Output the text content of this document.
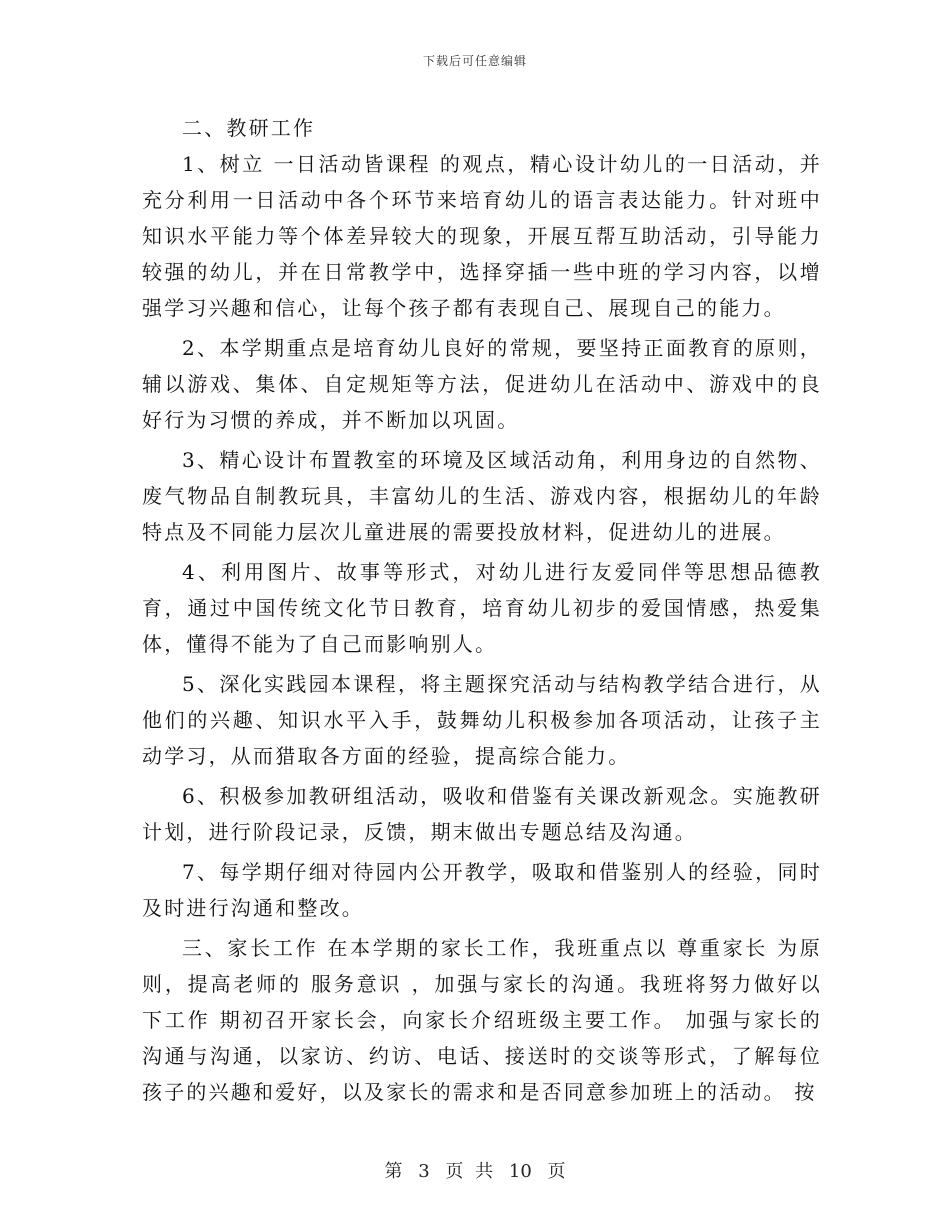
下载后可任意编辑

二、教研工作

1、树立 一日活动皆课程 的观点，精心设计幼儿的一日活动，并充分利用一日活动中各个环节来培育幼儿的语言表达能力。针对班中知识水平能力等个体差异较大的现象，开展互帮互助活动，引导能力较强的幼儿，并在日常教学中，选择穿插一些中班的学习内容，以增强学习兴趣和信心，让每个孩子都有表现自己、展现自己的能力。

2、本学期重点是培育幼儿良好的常规，要坚持正面教育的原则，辅以游戏、集体、自定规矩等方法，促进幼儿在活动中、游戏中的良好行为习惯的养成，并不断加以巩固。

3、精心设计布置教室的环境及区域活动角，利用身边的自然物、废气物品自制教玩具，丰富幼儿的生活、游戏内容，根据幼儿的年龄特点及不同能力层次儿童进展的需要投放材料，促进幼儿的进展。

4、利用图片、故事等形式，对幼儿进行友爱同伴等思想品德教育，通过中国传统文化节日教育，培育幼儿初步的爱国情感，热爱集体，懂得不能为了自己而影响别人。

5、深化实践园本课程，将主题探究活动与结构教学结合进行，从他们的兴趣、知识水平入手，鼓舞幼儿积极参加各项活动，让孩子主动学习，从而猎取各方面的经验，提高综合能力。

6、积极参加教研组活动，吸收和借鉴有关课改新观念。实施教研计划，进行阶段记录，反馈，期末做出专题总结及沟通。

7、每学期仔细对待园内公开教学，吸取和借鉴别人的经验，同时及时进行沟通和整改。

三、家长工作 在本学期的家长工作，我班重点以 尊重家长 为原则，提高老师的 服务意识 ，加强与家长的沟通。我班将努力做好以下工作 期初召开家长会，向家长介绍班级主要工作。 加强与家长的沟通与沟通，以家访、约访、电话、接送时的交谈等形式，了解每位孩子的兴趣和爱好，以及家长的需求和是否同意参加班上的活动。 按

第 3 页 共 10 页
